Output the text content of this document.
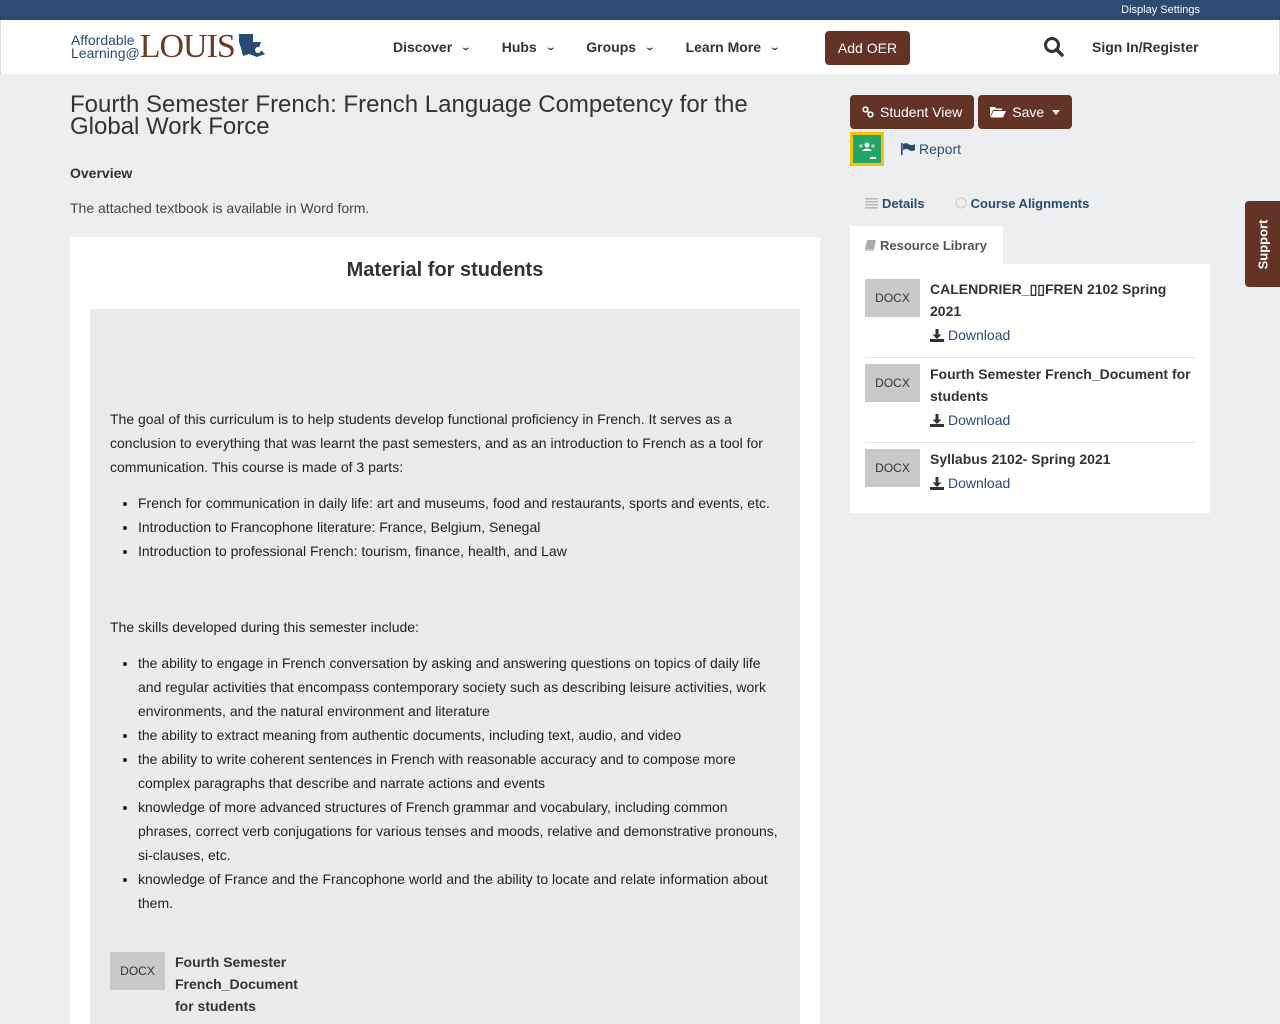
Display Settings
Affordable
Learning@ LOUIS	Discover ⌄ Hubs ⌄ Groups ⌄ Learn More ⌄	Add OER	Sign In/Register
Fourth Semester French: French Language Competency for the Global Work Force
Overview
The attached textbook is available in Word form.
Material for students

The goal of this curriculum is to help students develop functional proficiency in French. It serves as a conclusion to everything that was learnt the past semesters, and as an introduction to French as a tool for communication. This course is made of 3 parts:

• French for communication in daily life: art and museums, food and restaurants, sports and events, etc.
• Introduction to Francophone literature: France, Belgium, Senegal
• Introduction to professional French: tourism, finance, health, and Law

The skills developed during this semester include:

• the ability to engage in French conversation by asking and answering questions on topics of daily life and regular activities that encompass contemporary society such as describing leisure activities, work environments, and the natural environment and literature
• the ability to extract meaning from authentic documents, including text, audio, and video
• the ability to write coherent sentences in French with reasonable accuracy and to compose more complex paragraphs that describe and narrate actions and events
• knowledge of more advanced structures of French grammar and vocabulary, including common phrases, correct verb conjugations for various tenses and moods, relative and demonstrative pronouns, si-clauses, etc.
• knowledge of France and the Francophone world and the ability to locate and relate information about them.
DOCX
Fourth Semester French_Document for students
Student View	Save
Report
Details	Course Alignments
Resource Library
DOCX
CALENDRIER_▯▯FREN 2102 Spring 2021
Download
DOCX
Fourth Semester French_Document for students
Download
DOCX
Syllabus 2102- Spring 2021
Download
Support
